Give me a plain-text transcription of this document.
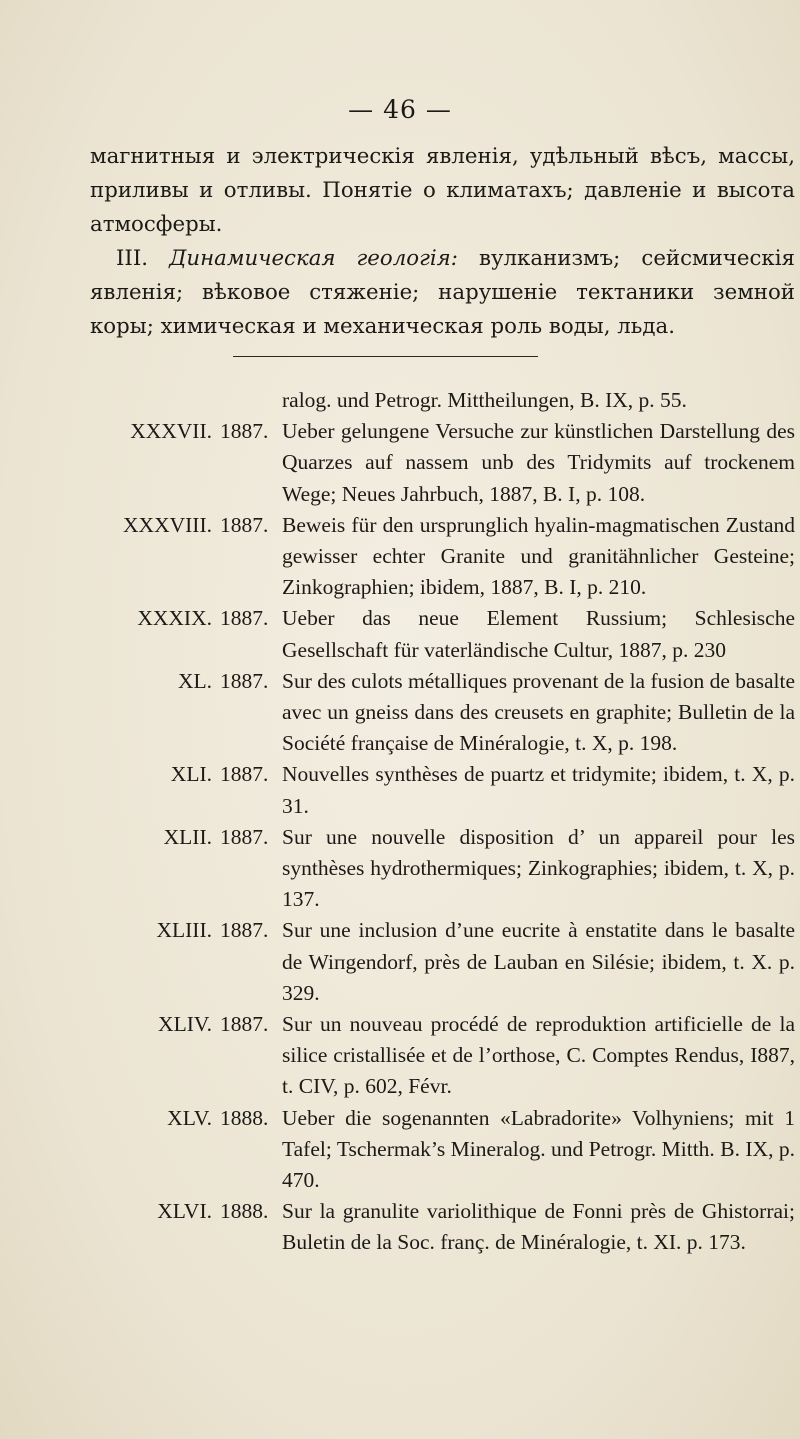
— 46 —

магнитныя и электрическія явленія, удѣльный вѣсъ, массы, приливы и отливы. Понятіе о климатахъ; давленіе и высота атмосферы.

III. Динамическая геологія: вулканизмъ; сейсмическія явленія; вѣковое стяженіе; нарушеніе тектаники земной коры; химическая и механическая роль воды, льда.

ralog. und Petrogr. Mittheilungen, B. IX, p. 55.
XXXVII. 1887. Ueber gelungene Versuche zur künstlichen Darstellung des Quarzes auf nassem unb des Tridymits auf trockenem Wege; Neues Jahrbuch, 1887, B. I, p. 108.
XXXVIII. 1887. Beweis für den ursprunglich hyalin-magmatischen Zustand gewisser echter Granite und granitähnlicher Gesteine; Zinkographien; ibidem, 1887, B. I, p. 210.
XXXIX. 1887. Ueber das neue Element Russium; Schlesische Gesellschaft für vaterländische Cultur, 1887, p. 230
XL. 1887. Sur des culots métalliques provenant de la fusion de basalte avec un gneiss dans des creusets en graphite; Bulletin de la Société française de Minéralogie, t. X, p. 198.
XLI. 1887. Nouvelles synthèses de puartz et tridymite; ibidem, t. X, p. 31.
XLII. 1887. Sur une nouvelle disposition d’ un appareil pour les synthèses hydrothermiques; Zinkographies; ibidem, t. X, p. 137.
XLIII. 1887. Sur une inclusion d’une eucrite à enstatite dans le basalte de Wiпgendorf, près de Lauban en Silésie; ibidem, t. X. p. 329.
XLIV. 1887. Sur un nouveau procédé de reproduktion artificielle de la silice cristallisée et de l’orthose, C. Comptes Rendus, I887, t. CIV, p. 602, Févr.
XLV. 1888. Ueber die sogenannten «Labradorite» Volhyniens; mit 1 Tafel; Tschermak’s Mineralog. und Petrogr. Mitth. B. IX, p. 470.
XLVI. 1888. Sur la granulite variolithique de Fonni près de Ghistorrai; Buletin de la Soc. franç. de Minéralogie, t. XI. p. 173.
